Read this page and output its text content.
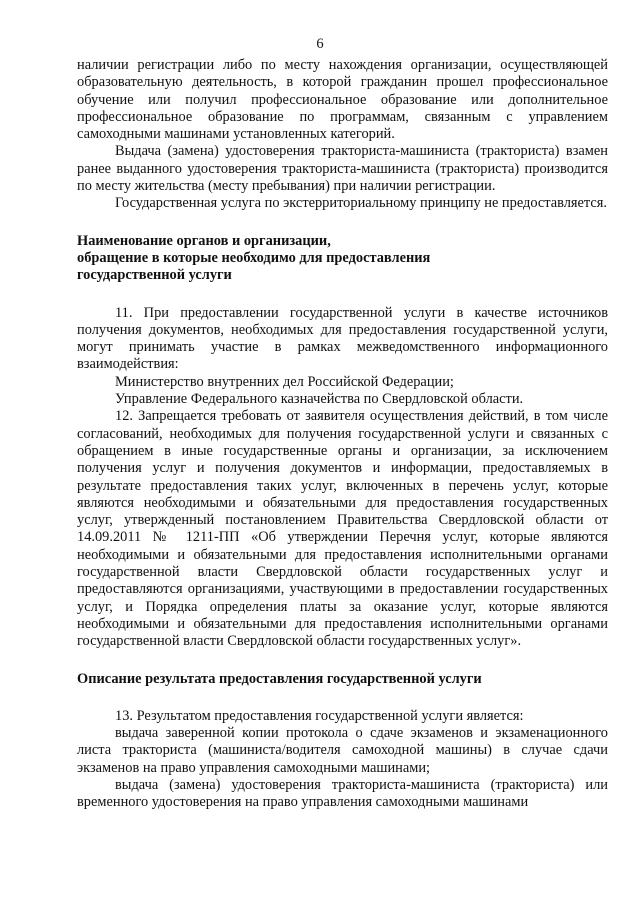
6

наличии регистрации либо по месту нахождения организации, осуществляющей образовательную деятельность, в которой гражданин прошел профессиональное обучение или получил профессиональное образование или дополнительное профессиональное образование по программам, связанным с управлением самоходными машинами установленных категорий.

Выдача (замена) удостоверения тракториста-машиниста (тракториста) взамен ранее выданного удостоверения тракториста-машиниста (тракториста) производится по месту жительства (месту пребывания) при наличии регистрации.

Государственная услуга по экстерриториальному принципу не предоставляется.

Наименование органов и организации,

обращение в которые необходимо для предоставления

государственной услуги

11. При предоставлении государственной услуги в качестве источников получения документов, необходимых для предоставления государственной услуги, могут принимать участие в рамках межведомственного информационного взаимодействия:

Министерство внутренних дел Российской Федерации;

Управление Федерального казначейства по Свердловской области.

12. Запрещается требовать от заявителя осуществления действий, в том числе согласований, необходимых для получения государственной услуги и связанных с обращением в иные государственные органы и организации, за исключением получения услуг и получения документов и информации, предоставляемых в результате предоставления таких услуг, включенных в перечень услуг, которые являются необходимыми и обязательными для предоставления государственных услуг, утвержденный постановлением Правительства Свердловской области от 14.09.2011 № 1211-ПП «Об утверждении Перечня услуг, которые являются необходимыми и обязательными для предоставления исполнительными органами государственной власти Свердловской области государственных услуг и предоставляются организациями, участвующими в предоставлении государственных услуг, и Порядка определения платы за оказание услуг, которые являются необходимыми и обязательными для предоставления исполнительными органами государственной власти Свердловской области государственных услуг».

Описание результата предоставления государственной услуги

13. Результатом предоставления государственной услуги является:

выдача заверенной копии протокола о сдаче экзаменов и экзаменационного листа тракториста (машиниста/водителя самоходной машины) в случае сдачи экзаменов на право управления самоходными машинами;

выдача (замена) удостоверения тракториста-машиниста (тракториста) или временного удостоверения на право управления самоходными машинами
